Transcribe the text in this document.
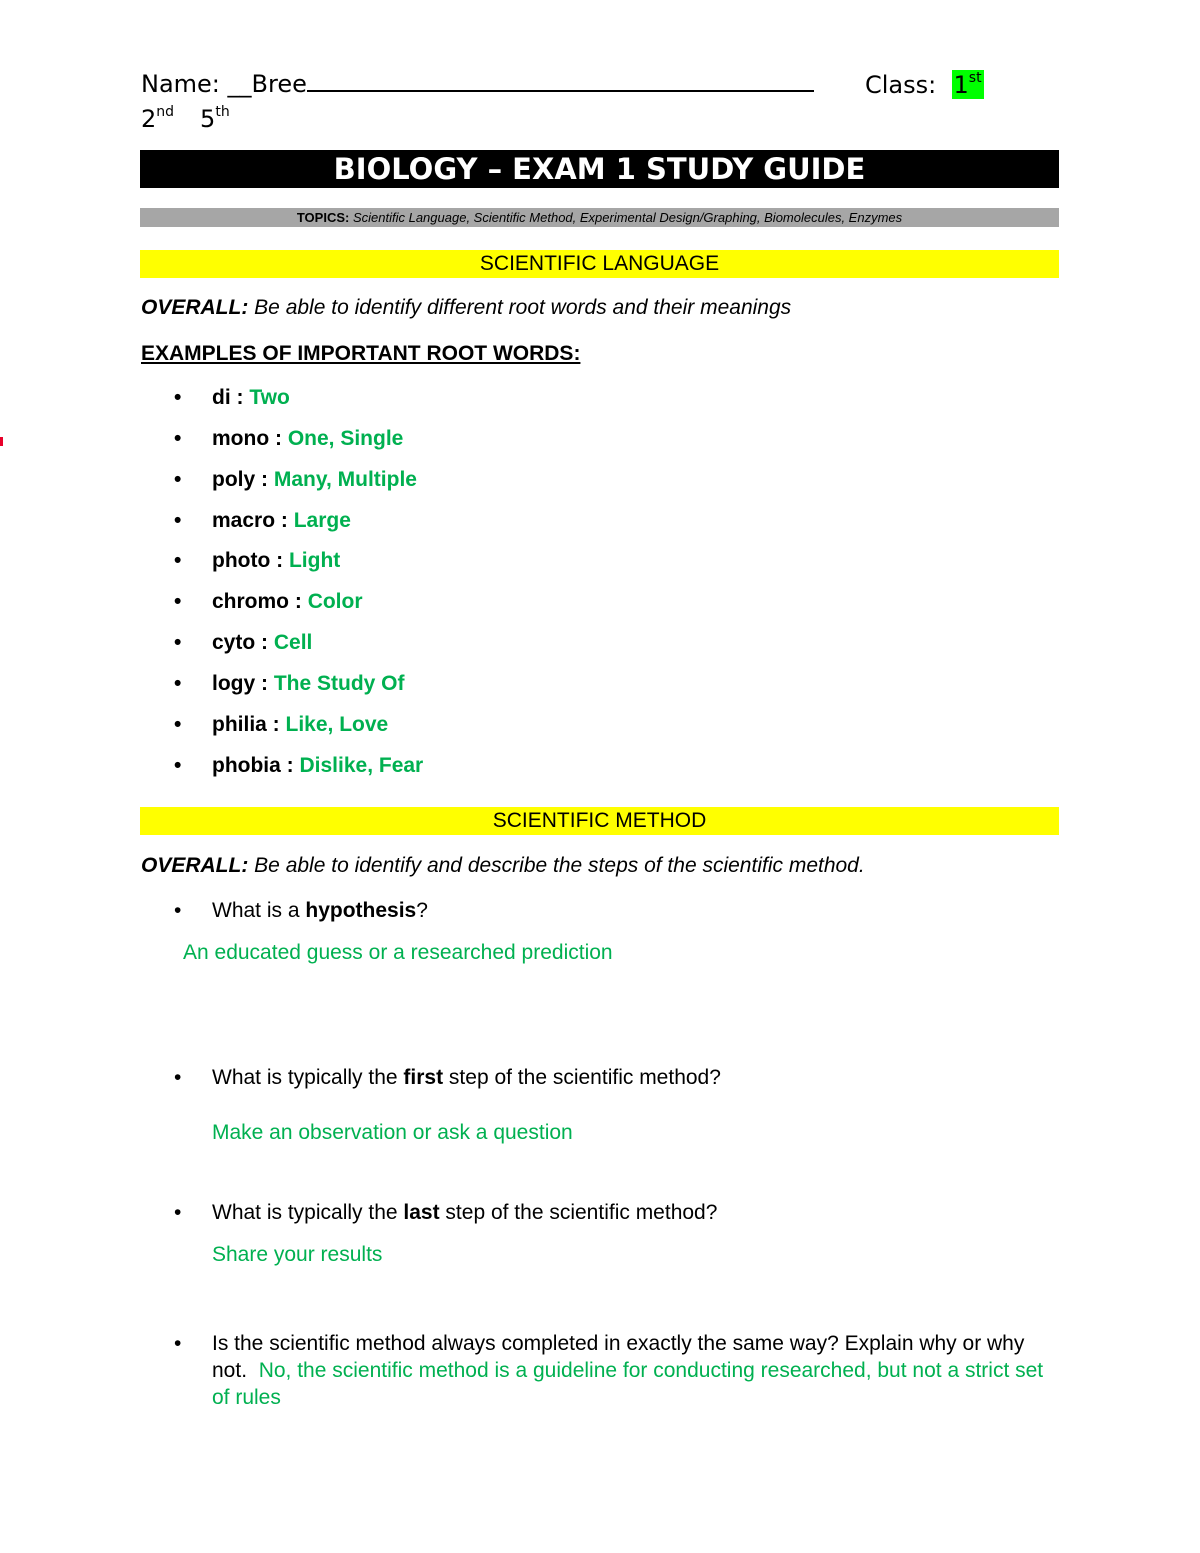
Name: __Bree	Class: 1st
2nd 5th
BIOLOGY – EXAM 1 STUDY GUIDE
TOPICS: Scientific Language, Scientific Method, Experimental Design/Graphing, Biomolecules, Enzymes
SCIENTIFIC LANGUAGE
OVERALL: Be able to identify different root words and their meanings
EXAMPLES OF IMPORTANT ROOT WORDS:
• di : Two
• mono : One, Single
• poly : Many, Multiple
• macro : Large
• photo : Light
• chromo : Color
• cyto : Cell
• logy : The Study Of
• philia : Like, Love
• phobia : Dislike, Fear
SCIENTIFIC METHOD
OVERALL: Be able to identify and describe the steps of the scientific method.
• What is a hypothesis?
An educated guess or a researched prediction
• What is typically the first step of the scientific method?
Make an observation or ask a question
• What is typically the last step of the scientific method?
Share your results
• Is the scientific method always completed in exactly the same way? Explain why or why not. No, the scientific method is a guideline for conducting researched, but not a strict set of rules
